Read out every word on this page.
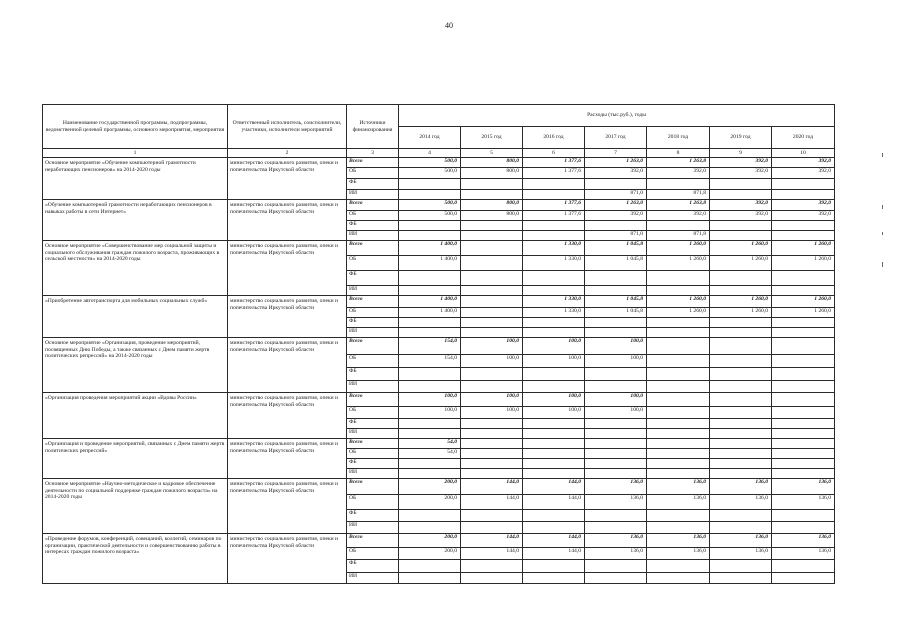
40
Наименование государственной программы, подпрограммы, ведомственной целевой программы, основного мероприятия, мероприятия	Ответственный исполнитель, соисполнители, участники, исполнители мероприятий	Источники финансирования	Расходы (тыс.руб.), годы						
			2014 год	2015 год	2016 год	2017 год	2018 год	2019 год	2020 год
1	2	3	4	5	6	7	8	9	10
Основное мероприятие «Обучение компьютерной грамотности неработающих пенсионеров» на 2014-2020 годы	министерство социального развития, опеки и попечительства Иркутской области	Всего	500,0	800,0	1 377,6	1 263,0	1 263,8	392,0	392,0
		ОБ	500,0	800,0	1 377,6	392,0	392,0	392,0	392,0
		ФБ							
		ИИ				871,0	871,8		
«Обучение компьютерной грамотности неработающих пенсионеров в навыках работы в сети Интернет»	министерство социального развития, опеки и попечительства Иркутской области	Всего	500,0	800,0	1 377,6	1 263,0	1 263,8	392,0	392,0
		ОБ	500,0	800,0	1 377,6	392,0	392,0	392,0	392,0
		ФБ							
		ИИ				871,0	871,8		
Основное мероприятие «Совершенствование мер социальной защиты и социального обслуживания граждан пожилого возраста, проживающих в сельской местности» на 2014-2020 годы	министерство социального развития, опеки и попечительства Иркутской области	Всего	1 400,0		1 330,0	1 045,8	1 260,0	1 260,0	1 260,0
		ОБ	1 400,0		1 330,0	1 045,8	1 260,0	1 260,0	1 260,0
		ФБ							
		ИИ							
«Приобретение автотранспорта для мобильных социальных служб»	министерство социального развития, опеки и попечительства Иркутской области	Всего	1 400,0		1 330,0	1 045,8	1 260,0	1 260,0	1 260,0
		ОБ	1 400,0		1 330,0	1 045,8	1 260,0	1 260,0	1 260,0
		ФБ							
		ИИ							
Основное мероприятие «Организация, проведение мероприятий, посвященных Дню Победы, а также связанных с Днем памяти жертв политических репрессий» на 2014-2020 годы	министерство социального развития, опеки и попечительства Иркутской области	Всего	154,0	100,0	100,0	100,0			
		ОБ	154,0	100,0	100,0	100,0			
		ФБ							
		ИИ							
«Организация проведения мероприятий акции «Вдовы России»	министерство социального развития, опеки и попечительства Иркутской области	Всего	100,0	100,0	100,0	100,0			
		ОБ	100,0	100,0	100,0	100,0			
		ФБ							
		ИИ							
«Организация и проведение мероприятий, связанных с Днем памяти жертв политических репрессий»	министерство социального развития, опеки и попечительства Иркутской области	Всего	54,0						
		ОБ	54,0						
		ФБ							
		ИИ							
Основное мероприятие «Научно-методическое и кадровое обеспечение деятельности по социальной поддержке граждан пожилого возраста» на 2014-2020 годы	министерство социального развития, опеки и попечительства Иркутской области	Всего	200,0	144,0	144,0	136,0	136,0	136,0	136,0
		ОБ	200,0	144,0	144,0	136,0	136,0	136,0	136,0
		ФБ							
		ИИ							
«Проведение форумов, конференций, совещаний, коллегий, семинаров по организации, практической деятельности и совершенствованию работы в интересах граждан пожилого возраста»	министерство социального развития, опеки и попечительства Иркутской области	Всего	200,0	144,0	144,0	136,0	136,0	136,0	136,0
		ОБ	200,0	144,0	144,0	136,0	136,0	136,0	136,0
		ФБ							
		ИИ							
